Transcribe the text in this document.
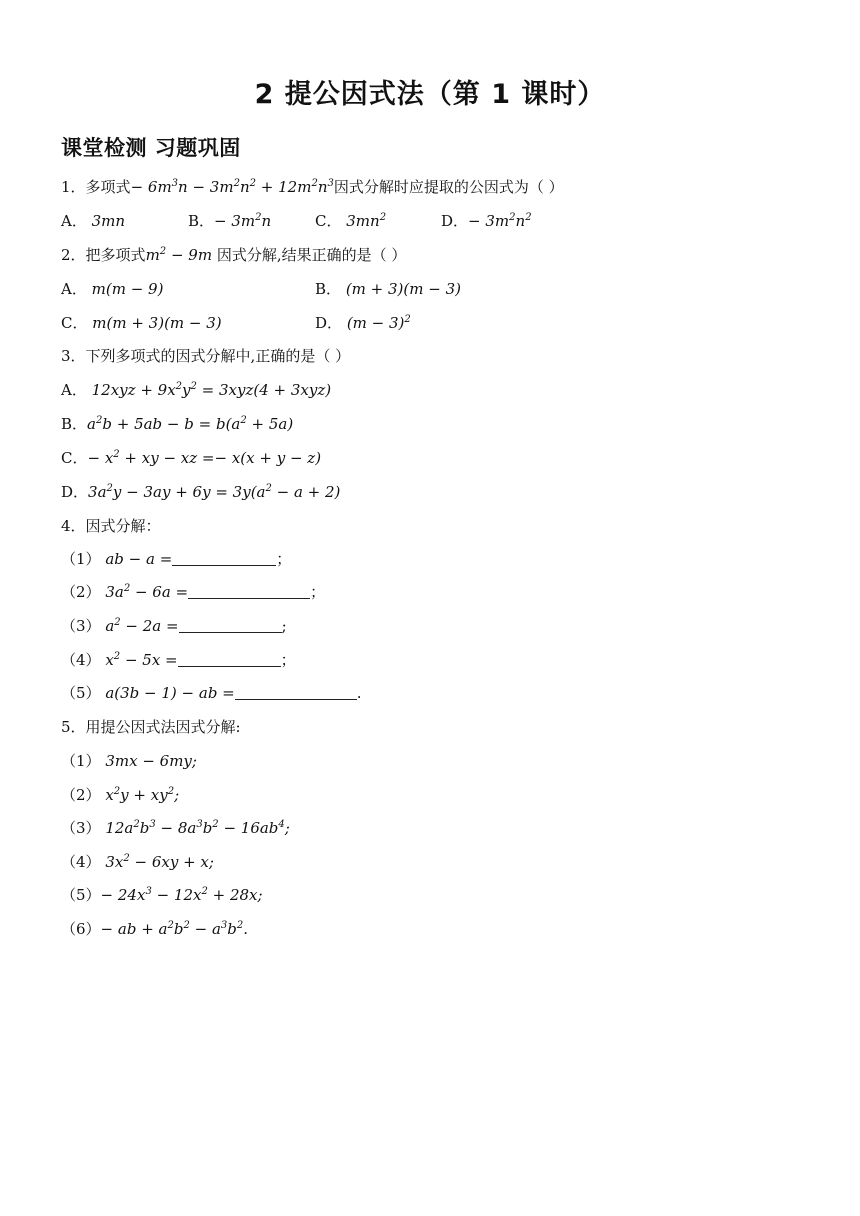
2 提公因式法（第 1 课时）
课堂检测 习题巩固
1．多项式− $6m^3n - 3m^2n^2 + 12m^2n^3$因式分解时应提取的公因式为（ ）
A． 3mn	B．− $3m^2n$	C． $3mn^2$	D．− $3m^2n^2$
2．把多项式$m^2 - 9m$ 因式分解,结果正确的是（ ）
A． m(m − 9)	B． (m + 3)(m − 3)
C． m(m + 3)(m − 3)	D． $(m - 3)^2$
3．下列多项式的因式分解中,正确的是（ ）
A． $12xyz + 9x^2y^2 = 3xyz(4 + 3xyz)$
B．$a^2b + 5ab - b = b(a^2 + 5a)$
C．− $x^2$ + xy − xz =− x(x + y − z)
D．$3a^2y - 3ay + 6y = 3y(a^2 - a + 2)$
4．因式分解：
（1） ab − a =	；
（2） $3a^2 - 6a$ =	；
（3） $a^2 - 2a$ =	;
（4） $x^2 - 5x$ =	；
（5） a(3b − 1) − ab =	.
5．用提公因式法因式分解:
（1） 3mx − 6my;
（2） $x^2y + xy^2$;
（3） $12a^2b^3 - 8a^3b^2 - 16ab^4$;
（4） $3x^2 - 6xy + x$;
$(5)- 24x^3 - 12x^2 + 28x$;
（6）− ab + $a^2b^2 - a^3b^2$.
